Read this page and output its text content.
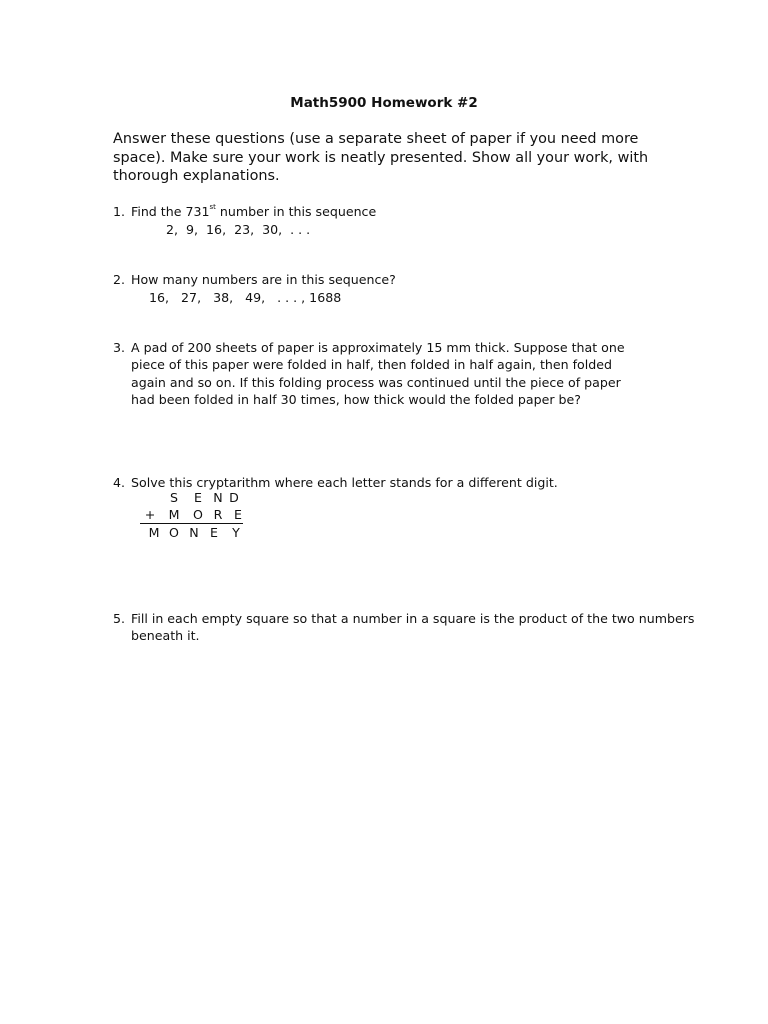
Math5900 Homework #2
Answer these questions (use a separate sheet of paper if you need more
space). Make sure your work is neatly presented. Show all your work, with
thorough explanations.
1. Find the 731st number in this sequence
2,  9,  16,  23,  30,  . . .
2. How many numbers are in this sequence?
16,   27,   38,   49,   . . . , 1688
3. A pad of 200 sheets of paper is approximately 15 mm thick. Suppose that one
piece of this paper were folded in half, then folded in half again, then folded
again and so on. If this folding process was continued until the piece of paper
had been folded in half 30 times, how thick would the folded paper be?
4. Solve this cryptarithm where each letter stands for a different digit.

S

	E

N

D

+

M

O

R

E

M

O

N

E

	Y

5. Fill in each empty square so that a number in a square is the product of the two numbers
beneath it.
